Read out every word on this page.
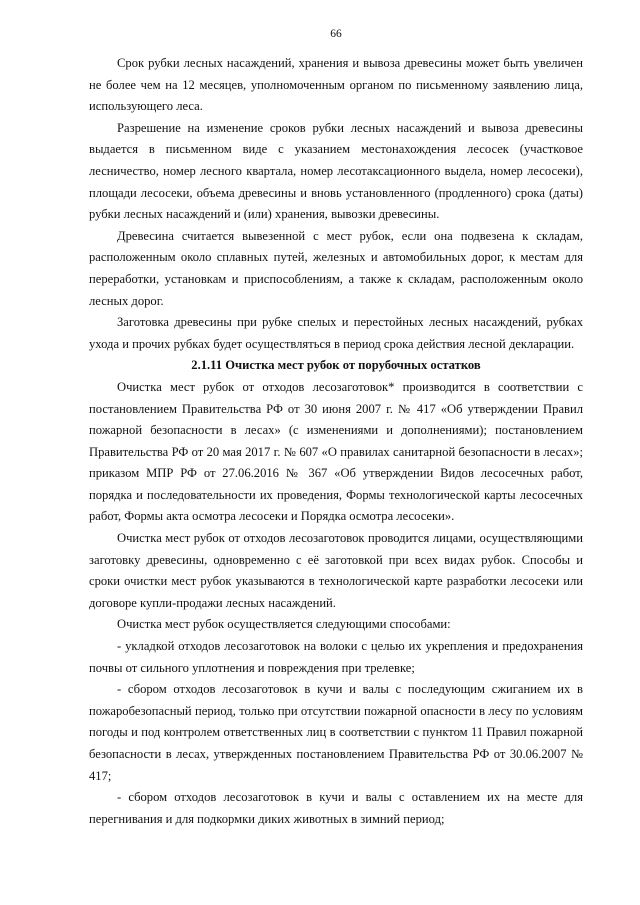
66

Срок рубки лесных насаждений, хранения и вывоза древесины может быть увеличен не более чем на 12 месяцев, уполномоченным органом по письменному заявлению лица, использующего леса.

Разрешение на изменение сроков рубки лесных насаждений и вывоза древесины выдается в письменном виде с указанием местонахождения лесосек (участковое лесничество, номер лесного квартала, номер лесотаксационного выдела, номер лесосеки), площади лесосеки, объема древесины и вновь установленного (продленного) срока (даты) рубки лесных насаждений и (или) хранения, вывозки древесины.

Древесина считается вывезенной с мест рубок, если она подвезена к складам, расположенным около сплавных путей, железных и автомобильных дорог, к местам для переработки, установкам и приспособлениям, а также к складам, расположенным около лесных дорог.

Заготовка древесины при рубке спелых и перестойных лесных насаждений, рубках ухода и прочих рубках будет осуществляться в период срока действия лесной декларации.

2.1.11 Очистка мест рубок от порубочных остатков

Очистка мест рубок от отходов лесозаготовок* производится в соответствии с постановлением Правительства РФ от 30 июня 2007 г. № 417 «Об утверждении Правил пожарной безопасности в лесах» (с изменениями и дополнениями); постановлением Правительства РФ от 20 мая 2017 г. № 607 «О правилах санитарной безопасности в лесах»; приказом МПР РФ от 27.06.2016 № 367 «Об утверждении Видов лесосечных работ, порядка и последовательности их проведения, Формы технологической карты лесосечных работ, Формы акта осмотра лесосеки и Порядка осмотра лесосеки».

Очистка мест рубок от отходов лесозаготовок проводится лицами, осуществляющими заготовку древесины, одновременно с её заготовкой при всех видах рубок. Способы и сроки очистки мест рубок указываются в технологической карте разработки лесосеки или договоре купли-продажи лесных насаждений.

Очистка мест рубок осуществляется следующими способами:

- укладкой отходов лесозаготовок на волоки с целью их укрепления и предохранения почвы от сильного уплотнения и повреждения при трелевке;

- сбором отходов лесозаготовок в кучи и валы с последующим сжиганием их в пожаробезопасный период, только при отсутствии пожарной опасности в лесу по условиям погоды и под контролем ответственных лиц в соответствии с пунктом 11 Правил пожарной безопасности в лесах, утвержденных постановлением Правительства РФ от 30.06.2007 № 417;

- сбором отходов лесозаготовок в кучи и валы с оставлением их на месте для перегнивания и для подкормки диких животных в зимний период;
